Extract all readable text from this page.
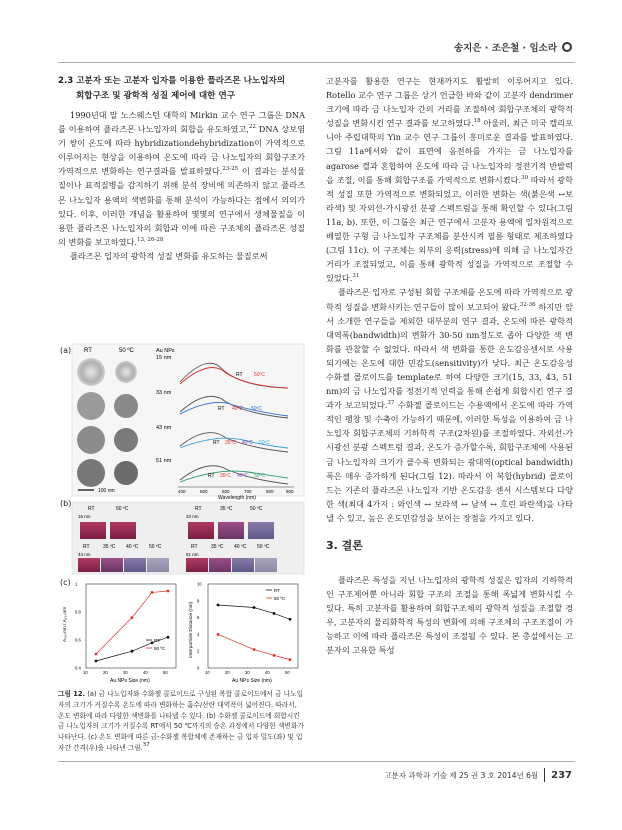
송지은 · 조은철 · 임소라
2.3 고분자 또는 고분자 입자를 이용한 플라즈몬 나노입자의
회합구조 및 광학적 성질 제어에 대한 연구

1990년대 말 노스웨스턴 대학의 Mirkin 교수 연구 그룹은 DNA를 이용하여 플라즈몬 나노입자의 회합을 유도하였고,$^{22}$ DNA 상보염기 쌍이 온도에 따라 hybridizationdehybridization이 가역적으로 이루어지는 현상을 이용하여 온도에 따라 금 나노입자의 회합구조가 가역적으로 변화하는 연구결과를 발표하였다.$^{23-25}$ 이 결과는 분석물질이나 표적질병을 감지하기 위해 분석 장비에 의존하지 않고 플라즈몬 나노입자 용액의 색변화를 통해 분석이 가능하다는 점에서 의의가 있다. 이후, 이러한 개념을 활용하여 몇몇의 연구에서 생체물질을 이용한 플라즈몬 나노입자의 회합과 이에 따른 구조체의 플라즈몬 성질의 변화를 보고하였다.$^{13, 26-28}$

플라즈몬 입자의 광학적 성질 변화를 유도하는 물질로써

(a)
(b)
(c)
RT	50 ºC	Au NPs
100 nm
15 nm
33 nm
43 nm
51 nm
RT 50ºC
RT 40ºC 50ºC
RT 35ºC 40ºC 50ºC
RT 35ºC 40ºC 50ºC
400	500	600	700	800	900
Wavelength (nm)
RT	50 ºC	RT	35 ºC	50 ºC
15 nm	33 nm
RT	35 ºC 40 ºC 50 ºC	RT	35 ºC 40 ºC 50 ºC
43 nm	51 nm
10	20	30	40	50
0.4
0.6
0.8
1
10	20	30	40	50
0
2
4
6
8
10
A₆₅₀nm / A₅₂₀nm
Au NPs Size (nm)
Interparticle Distance (nm)
Au NPs Size (nm)
RT
50 ºC
RT
50 ºC
그림 12. (a) 금 나노입자와 수화젤 콜로이드로 구성된 복합 콜로이드에서 금 나노입자의 크기가 커질수록 온도에 따라 변화하는 흡수/산란 대역폭이 넓어진다. 따라서, 온도 변화에 따라 다양한 색변화를 나타낼 수 있다. (b) 수화젤 콜로이드에 회합시킨 금 나노입자의 크기가 커질수록 RT에서 50 ℃까지의 승온 과정에서 다양한 색변화가 나타난다. (c) 온도 변화에 따른 금-수화젤 복합체에 존재하는 금 입자 밀도(좌) 및 입자간 간격(우)을 나타낸 그림.$^{37}$

고분자를 활용한 연구는 현재까지도 활발히 이루어지고 있다. Rotello 교수 연구 그룹은 상기 언급한 바와 같이 고분자 dendrimer 크기에 따라 금 나노입자 간의 거리를 조절하여 회합구조체의 광학적 성질을 변화시킨 연구 결과를 보고하였다.$^{18}$ 아울러, 최근 미국 캘리포니아 주립대학의 Yin 교수 연구 그룹이 흥미로운 결과를 발표하였다. 그림 11a에서와 같이 표면에 음전하를 가지는 금 나노입자를 agarose 겔과 혼합하여 온도에 따라 금 나노입자의 정전기적 반발력을 조절, 이를 통해 회합구조를 가역적으로 변화시켰다.$^{30}$ 따라서 광학적 성질 또한 가역적으로 변화되었고, 이러한 변화는 색(붉은색 ↔보라색) 및 자외선-가시광선 분광 스펙트럼을 통해 확인할 수 있다(그림 11a, b). 또한, 이 그룹은 최근 연구에서 고분자 용액에 일차원적으로 배열한 구형 금 나노입자 구조체를 분산시켜 필름 형태로 제조하였다(그림 11c). 이 구조체는 외부의 응력(stress)에 의해 금 나노입자간 거리가 조절되었고, 이를 통해 광학적 성질을 가역적으로 조절할 수 있었다.$^{31}$

플라즈몬 입자로 구성된 회합 구조체를 온도에 따라 가역적으로 광학적 성질을 변화시키는 연구들이 많이 보고되어 왔다.$^{32-36}$ 하지만 앞서 소개한 연구들을 제외한 대부분의 연구 결과, 온도에 따른 광학적 대역폭(bandwidth)의 변화가 30-50 nm정도로 좁아 다양한 색 변화를 관찰할 수 없었다. 따라서 색 변화를 통한 온도감응센서로 사용되기에는 온도에 대한 민감도(sensitivity)가 낮다. 최근 온도감응성 수화젤 콜로이드를 template로 하여 다양한 크기(15, 33, 43, 51 nm)의 금 나노입자를 정전기적 인력을 통해 손쉽게 회합시킨 연구 결과가 보고되었다.$^{37}$ 수화젤 콜로이드는 수용액에서 온도에 따라 가역적인 팽창 및 수축이 가능하기 때문에, 이러한 특성을 이용하여 금 나노입자 회합구조체의 기하학적 구조(2차원)를 조절하였다. 자외선-가시광선 분광 스펙트럼 결과, 온도가 증가할수록, 회합구조체에 사용된 금 나노입자의 크기가 클수록 변화되는 광대역(optical bandwidth) 폭은 매우 증가하게 된다(그림 12). 따라서 이 복합(hybrid) 콜로이드는 기존의 플라즈몬 나노입자 기반 온도감응 센서 시스템보다 다양한 색(최대 4가지 : 와인색 ↔ 보라색 ↔ 남색 ↔ 흐린 파란색)을 나타낼 수 있고, 높은 온도민감성을 보이는 장점을 가지고 있다.

3. 결론

플라즈몬 특성을 지닌 나노입자의 광학적 성질은 입자의 기하학적인 구조제어뿐 아니라 회합 구조의 조절을 통해 폭넓게 변화시킬 수 있다. 특히 고분자를 활용하여 회합구조체의 광학적 성질을 조절할 경우, 고분자의 물리화학적 특성의 변화에 의해 구조체의 구조조절이 가능하고 이에 따라 플라즈몬 특성이 조절될 수 있다. 본 총설에서는 고분자의 고유한 특성

고분자 과학과 기술 제 25 권 3 호 2014년 6월 237
